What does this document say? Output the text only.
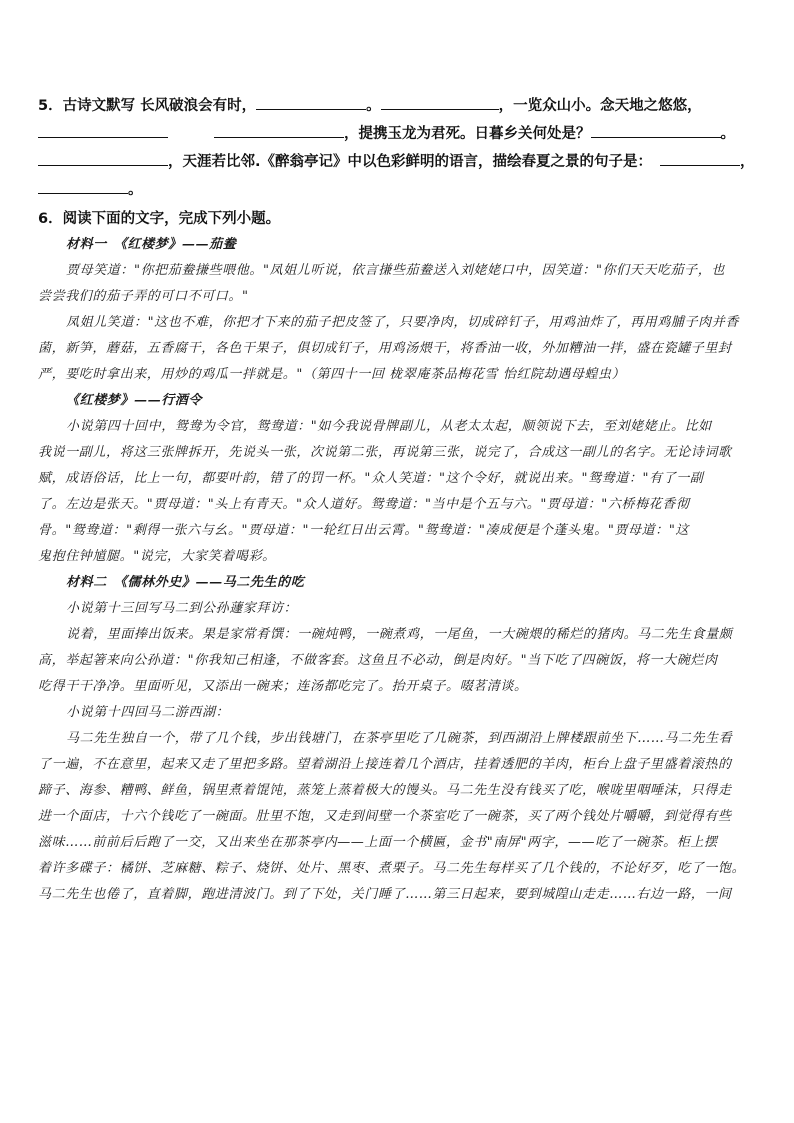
5．古诗文默写 长风破浪会有时，	。	，一览众山小。念天地之悠悠，
，提携玉龙为君死。日暮乡关何处是？	。
，天涯若比邻.《醉翁亭记》中以色彩鲜明的语言，描绘春夏之景的句子是：	，
。
6．阅读下面的文字，完成下列小题。
材料一　《红楼梦》——茄鲞
贾母笑道："你把茄鲞搛些喂他。"凤姐儿听说，依言搛些茄鲞送入刘姥姥口中，因笑道："你们天天吃茄子，也
尝尝我们的茄子弄的可口不可口。"
凤姐儿笑道："这也不难，你把才下来的茄子把皮签了，只要净肉，切成碎钉子，用鸡油炸了，再用鸡脯子肉并香
菌，新笋，蘑菇，五香腐干，各色干果子，俱切成钉子，用鸡汤煨干，将香油一收，外加糟油一拌，盛在瓷罐子里封
严，要吃时拿出来，用炒的鸡瓜一拌就是。"（第四十一回 栊翠庵茶品梅花雪 怡红院劫遇母蝗虫）
《红楼梦》——行酒令
小说第四十回中，鸳鸯为令官，鸳鸯道："如今我说骨牌副儿，从老太太起，顺领说下去，至刘姥姥止。比如
我说一副儿，将这三张牌拆开，先说头一张，次说第二张，再说第三张，说完了，合成这一副儿的名字。无论诗词歌
赋，成语俗话，比上一句，都要叶韵，错了的罚一杯。"众人笑道："这个令好，就说出来。"鸳鸯道："有了一副
了。左边是张天。"贾母道："头上有青天。"众人道好。鸳鸯道："当中是个五与六。"贾母道："六桥梅花香彻
骨。"鸳鸯道："剩得一张六与幺。"贾母道："一轮红日出云霄。"鸳鸯道："凑成便是个蓬头鬼。"贾母道："这
鬼抱住钟馗腿。"说完，大家笑着喝彩。
材料二　《儒林外史》——马二先生的吃
小说第十三回写马二到公孙蘧家拜访：
说着，里面捧出饭来。果是家常肴馔：一碗炖鸭，一碗煮鸡，一尾鱼，一大碗煨的稀烂的猪肉。马二先生食量颇
高，举起箸来向公孙道："你我知己相逢，不做客套。这鱼且不必动，倒是肉好。"当下吃了四碗饭，将一大碗烂肉
吃得干干净净。里面听见，又添出一碗来；连汤都吃完了。抬开桌子。啜茗清谈。
小说第十四回马二游西湖：
马二先生独自一个，带了几个钱，步出钱塘门，在茶亭里吃了几碗茶，到西湖沿上牌楼跟前坐下……马二先生看
了一遍，不在意里，起来又走了里把多路。望着湖沿上接连着几个酒店，挂着透肥的羊肉，柜台上盘子里盛着滚热的
蹄子、海参、糟鸭、鲜鱼，锅里煮着馄饨，蒸笼上蒸着极大的馒头。马二先生没有钱买了吃，喉咙里咽唾沫，只得走
进一个面店，十六个钱吃了一碗面。肚里不饱，又走到间壁一个茶室吃了一碗茶，买了两个钱处片嚼嚼，到觉得有些
滋味……前前后后跑了一交，又出来坐在那茶亭内——上面一个横匾，金书"南屏"两字，——吃了一碗茶。柜上摆
着许多碟子：橘饼、芝麻糖、粽子、烧饼、处片、黑枣、煮栗子。马二先生每样买了几个钱的，不论好歹，吃了一饱。
马二先生也倦了，直着脚，跑进清波门。到了下处，关门睡了……第三日起来，要到城隍山走走……右边一路，一间
